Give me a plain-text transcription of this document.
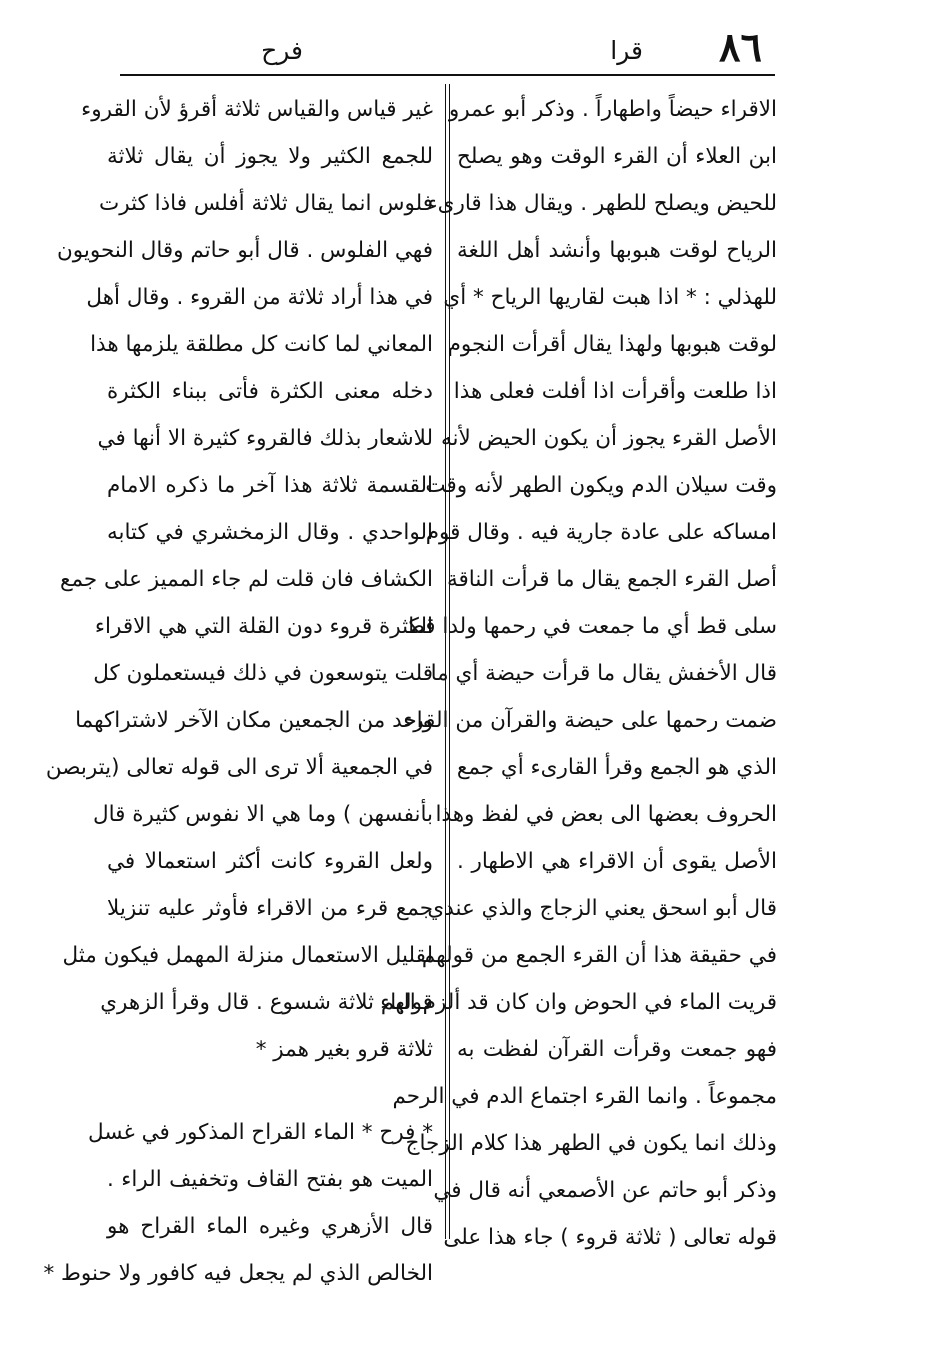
٨٦
قرا
فرح
الاقراء حيضاً واطهاراً . وذكر أبو عمرو
ابن العلاء أن القرء الوقت وهو يصلح
للحيض ويصلح للطهر . ويقال هذا قارىء
الرياح لوقت هبوبها وأنشد أهل اللغة
للهذلي : * اذا هبت لقاريها الرياح * أي
لوقت هبوبها ولهذا يقال أقرأت النجوم
اذا طلعت وأقرأت اذا أفلت فعلى هذا
الأصل القرء يجوز أن يكون الحيض لأنه
وقت سيلان الدم ويكون الطهر لأنه وقت
امساكه على عادة جارية فيه . وقال قوم
أصل القرء الجمع يقال ما قرأت الناقة
سلى قط أي ما جمعت في رحمها ولدا قط
قال الأخفش يقال ما قرأت حيضة أي ما
ضمت رحمها على حيضة والقرآن من القرء
الذي هو الجمع وقرأ القارىء أي جمع
الحروف بعضها الى بعض في لفظ وهذا
الأصل يقوى أن الاقراء هي الاطهار .
قال أبو اسحق يعني الزجاج والذي عندي
في حقيقة هذا أن القرء الجمع من قولهم
قريت الماء في الحوض وان كان قد ألزم الياء
فهو جمعت وقرأت القرآن لفظت به
مجموعاً . وانما القرء اجتماع الدم في الرحم
وذلك انما يكون في الطهر هذا كلام الزجاج
وذكر أبو حاتم عن الأصمعي أنه قال في
قوله تعالى ( ثلاثة قروء ) جاء هذا على
غير قياس والقياس ثلاثة أقرؤ لأن القروء
للجمع الكثير ولا يجوز أن يقال ثلاثة
فلوس انما يقال ثلاثة أفلس فاذا كثرت
فهي الفلوس . قال أبو حاتم وقال النحويون
في هذا أراد ثلاثة من القروء . وقال أهل
المعاني لما كانت كل مطلقة يلزمها هذا
دخله معنى الكثرة فأتى ببناء الكثرة
للاشعار بذلك فالقروء كثيرة الا أنها في
القسمة ثلاثة هذا آخر ما ذكره الامام
الواحدي . وقال الزمخشري في كتابه
الكشاف فان قلت لم جاء المميز على جمع
الكثرة قروء دون القلة التي هي الاقراء
قلت يتوسعون في ذلك فيستعملون كل
واحد من الجمعين مكان الآخر لاشتراكهما
في الجمعية ألا ترى الى قوله تعالى (يتربصن
بأنفسهن ) وما هي الا نفوس كثيرة قال
ولعل القروء كانت أكثر استعمالا في
جمع قرء من الاقراء فأوثر عليه تنزيلا
لقليل الاستعمال منزلة المهمل فيكون مثل
قولهم ثلاثة شسوع . قال وقرأ الزهري
ثلاثة قرو بغير همز *
* فرح * الماء القراح المذكور في غسل
الميت هو بفتح القاف وتخفيف الراء .
قال الأزهري وغيره الماء القراح هو
الخالص الذي لم يجعل فيه كافور ولا حنوط *
